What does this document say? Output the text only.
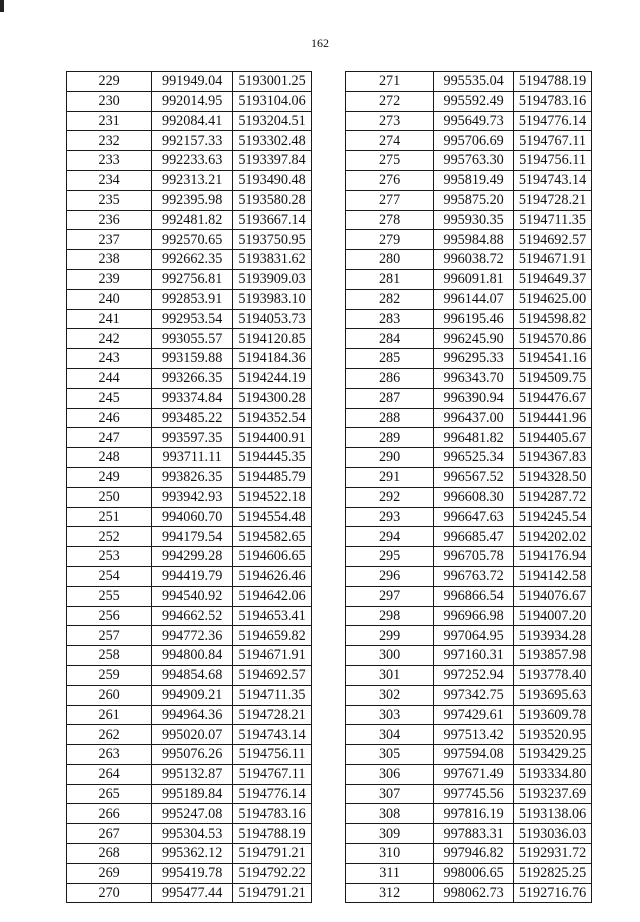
162
229	991949.04	5193001.25
230	992014.95	5193104.06
231	992084.41	5193204.51
232	992157.33	5193302.48
233	992233.63	5193397.84
234	992313.21	5193490.48
235	992395.98	5193580.28
236	992481.82	5193667.14
237	992570.65	5193750.95
238	992662.35	5193831.62
239	992756.81	5193909.03
240	992853.91	5193983.10
241	992953.54	5194053.73
242	993055.57	5194120.85
243	993159.88	5194184.36
244	993266.35	5194244.19
245	993374.84	5194300.28
246	993485.22	5194352.54
247	993597.35	5194400.91
248	993711.11	5194445.35
249	993826.35	5194485.79
250	993942.93	5194522.18
251	994060.70	5194554.48
252	994179.54	5194582.65
253	994299.28	5194606.65
254	994419.79	5194626.46
255	994540.92	5194642.06
256	994662.52	5194653.41
257	994772.36	5194659.82
258	994800.84	5194671.91
259	994854.68	5194692.57
260	994909.21	5194711.35
261	994964.36	5194728.21
262	995020.07	5194743.14
263	995076.26	5194756.11
264	995132.87	5194767.11
265	995189.84	5194776.14
266	995247.08	5194783.16
267	995304.53	5194788.19
268	995362.12	5194791.21
269	995419.78	5194792.22
270	995477.44	5194791.21
271	995535.04	5194788.19
272	995592.49	5194783.16
273	995649.73	5194776.14
274	995706.69	5194767.11
275	995763.30	5194756.11
276	995819.49	5194743.14
277	995875.20	5194728.21
278	995930.35	5194711.35
279	995984.88	5194692.57
280	996038.72	5194671.91
281	996091.81	5194649.37
282	996144.07	5194625.00
283	996195.46	5194598.82
284	996245.90	5194570.86
285	996295.33	5194541.16
286	996343.70	5194509.75
287	996390.94	5194476.67
288	996437.00	5194441.96
289	996481.82	5194405.67
290	996525.34	5194367.83
291	996567.52	5194328.50
292	996608.30	5194287.72
293	996647.63	5194245.54
294	996685.47	5194202.02
295	996705.78	5194176.94
296	996763.72	5194142.58
297	996866.54	5194076.67
298	996966.98	5194007.20
299	997064.95	5193934.28
300	997160.31	5193857.98
301	997252.94	5193778.40
302	997342.75	5193695.63
303	997429.61	5193609.78
304	997513.42	5193520.95
305	997594.08	5193429.25
306	997671.49	5193334.80
307	997745.56	5193237.69
308	997816.19	5193138.06
309	997883.31	5193036.03
310	997946.82	5192931.72
311	998006.65	5192825.25
312	998062.73	5192716.76
